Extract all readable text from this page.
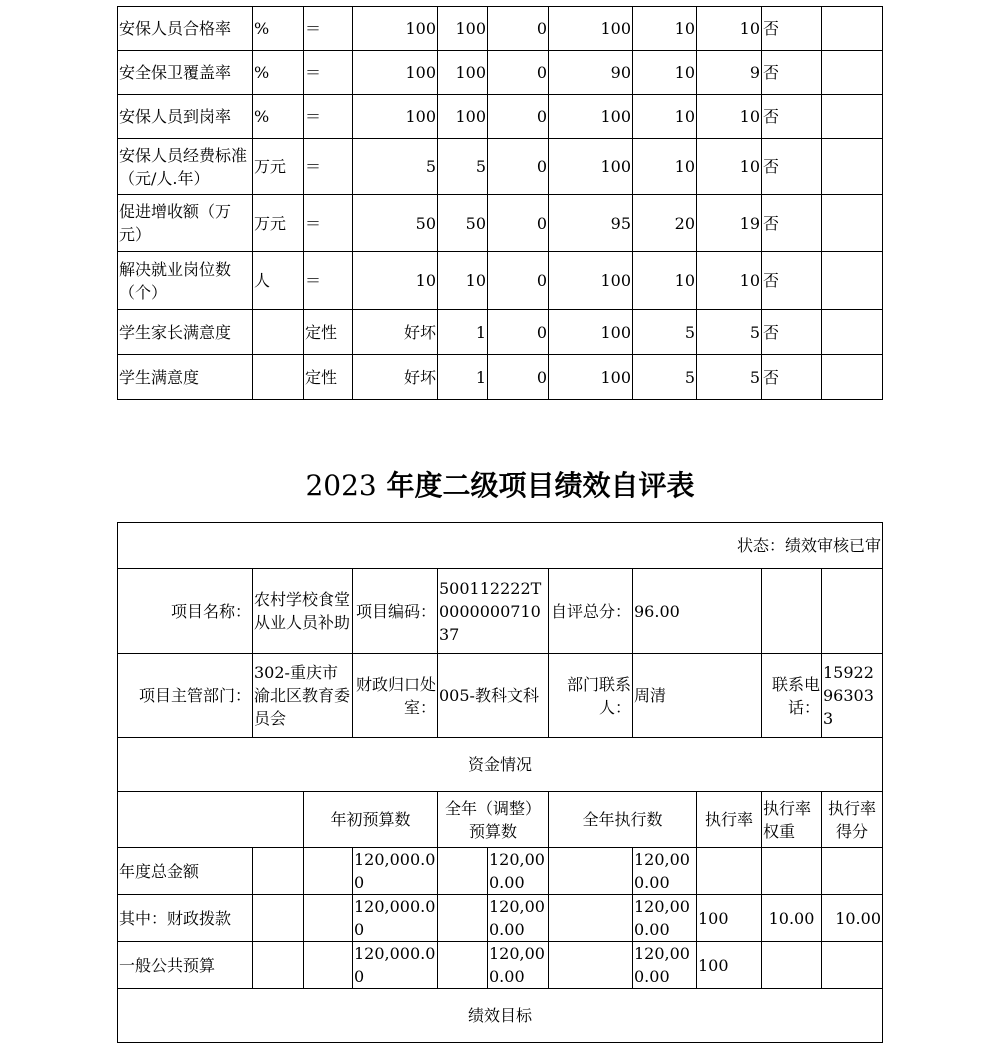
安保人员合格率	%	＝	100	100	0	100	10	10	否	
安全保卫覆盖率	%	＝	100	100	0	90	10	9	否	
安保人员到岗率	%	＝	100	100	0	100	10	10	否	
安保人员经费标准（元/人.年）	万元	＝	5	5	0	100	10	10	否	
促进增收额（万元）	万元	＝	50	50	0	95	20	19	否	
解决就业岗位数（个）	人	＝	10	10	0	100	10	10	否	
学生家长满意度		定性	好坏	1	0	100	5	5	否	
学生满意度		定性	好坏	1	0	100	5	5	否	
2023 年度二级项目绩效自评表
状态：绩效审核已审										
项目名称：	农村学校食堂从业人员补助		项目编码：	500112222T000000071037		自评总分：	96.00			
项目主管部门：	302-重庆市渝北区教育委员会		财政归口处室：	005-教科文科		部门联系人：	周清		联系电话：	15922963033
资金情况										
		年初预算数		全年（调整）预算数		全年执行数		执行率	执行率权重	执行率得分
年度总金额			120,000.00		120,000.00		120,000.00			
其中：财政拨款			120,000.00		120,000.00		120,000.00	100	10.00	10.00
一般公共预算			120,000.00		120,000.00		120,000.00	100		
绩效目标										
